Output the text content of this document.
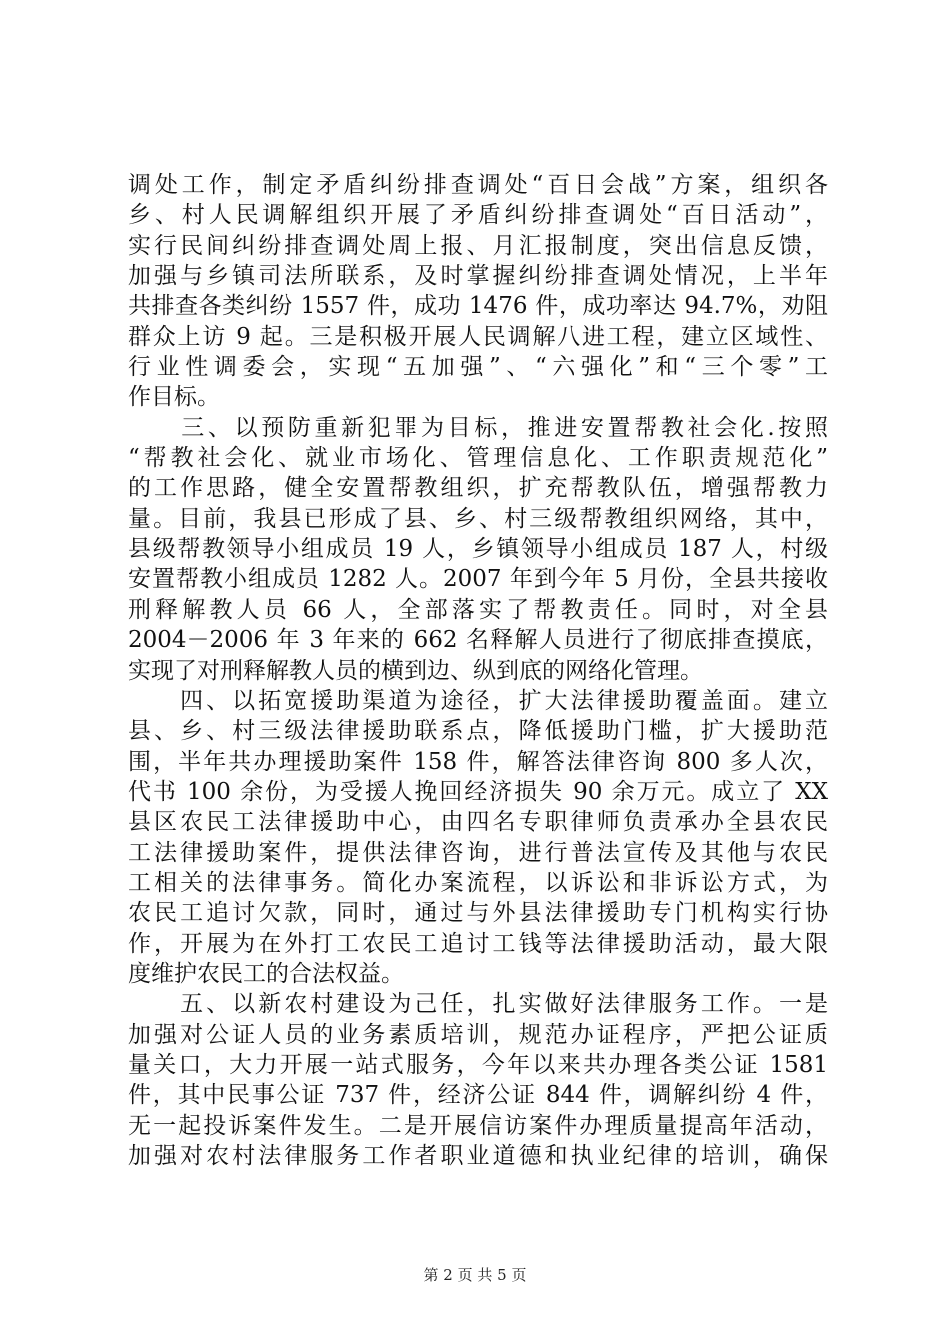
调处工作，制定矛盾纠纷排查调处“百日会战”方案，组织各
乡、村人民调解组织开展了矛盾纠纷排查调处“百日活动”，
实行民间纠纷排查调处周上报、月汇报制度，突出信息反馈，
加强与乡镇司法所联系，及时掌握纠纷排查调处情况，上半年
共排查各类纠纷 1557 件，成功 1476 件，成功率达 94.7%，劝阻
群众上访 9 起。三是积极开展人民调解八进工程，建立区域性、
行业性调委会，实现“五加强”、“六强化”和“三个零”工
作目标。
　　三、以预防重新犯罪为目标，推进安置帮教社会化.按照
“帮教社会化、就业市场化、管理信息化、工作职责规范化”
的工作思路，健全安置帮教组织，扩充帮教队伍，增强帮教力
量。目前，我县已形成了县、乡、村三级帮教组织网络，其中，
县级帮教领导小组成员 19 人，乡镇领导小组成员 187 人，村级
安置帮教小组成员 1282 人。2007 年到今年 5 月份，全县共接收
刑释解教人员 66 人，全部落实了帮教责任。同时，对全县
2004－2006 年 3 年来的 662 名释解人员进行了彻底排查摸底，
实现了对刑释解教人员的横到边、纵到底的网络化管理。
　　四、以拓宽援助渠道为途径，扩大法律援助覆盖面。建立
县、乡、村三级法律援助联系点，降低援助门槛，扩大援助范
围，半年共办理援助案件 158 件，解答法律咨询 800 多人次，
代书 100 余份，为受援人挽回经济损失 90 余万元。成立了 XX
县区农民工法律援助中心，由四名专职律师负责承办全县农民
工法律援助案件，提供法律咨询，进行普法宣传及其他与农民
工相关的法律事务。简化办案流程，以诉讼和非诉讼方式，为
农民工追讨欠款，同时，通过与外县法律援助专门机构实行协
作，开展为在外打工农民工追讨工钱等法律援助活动，最大限
度维护农民工的合法权益。
　　五、以新农村建设为己任，扎实做好法律服务工作。一是
加强对公证人员的业务素质培训，规范办证程序，严把公证质
量关口，大力开展一站式服务，今年以来共办理各类公证 1581
件，其中民事公证 737 件，经济公证 844 件，调解纠纷 4 件，
无一起投诉案件发生。二是开展信访案件办理质量提高年活动，
加强对农村法律服务工作者职业道德和执业纪律的培训，确保
第 2 页 共 5 页
